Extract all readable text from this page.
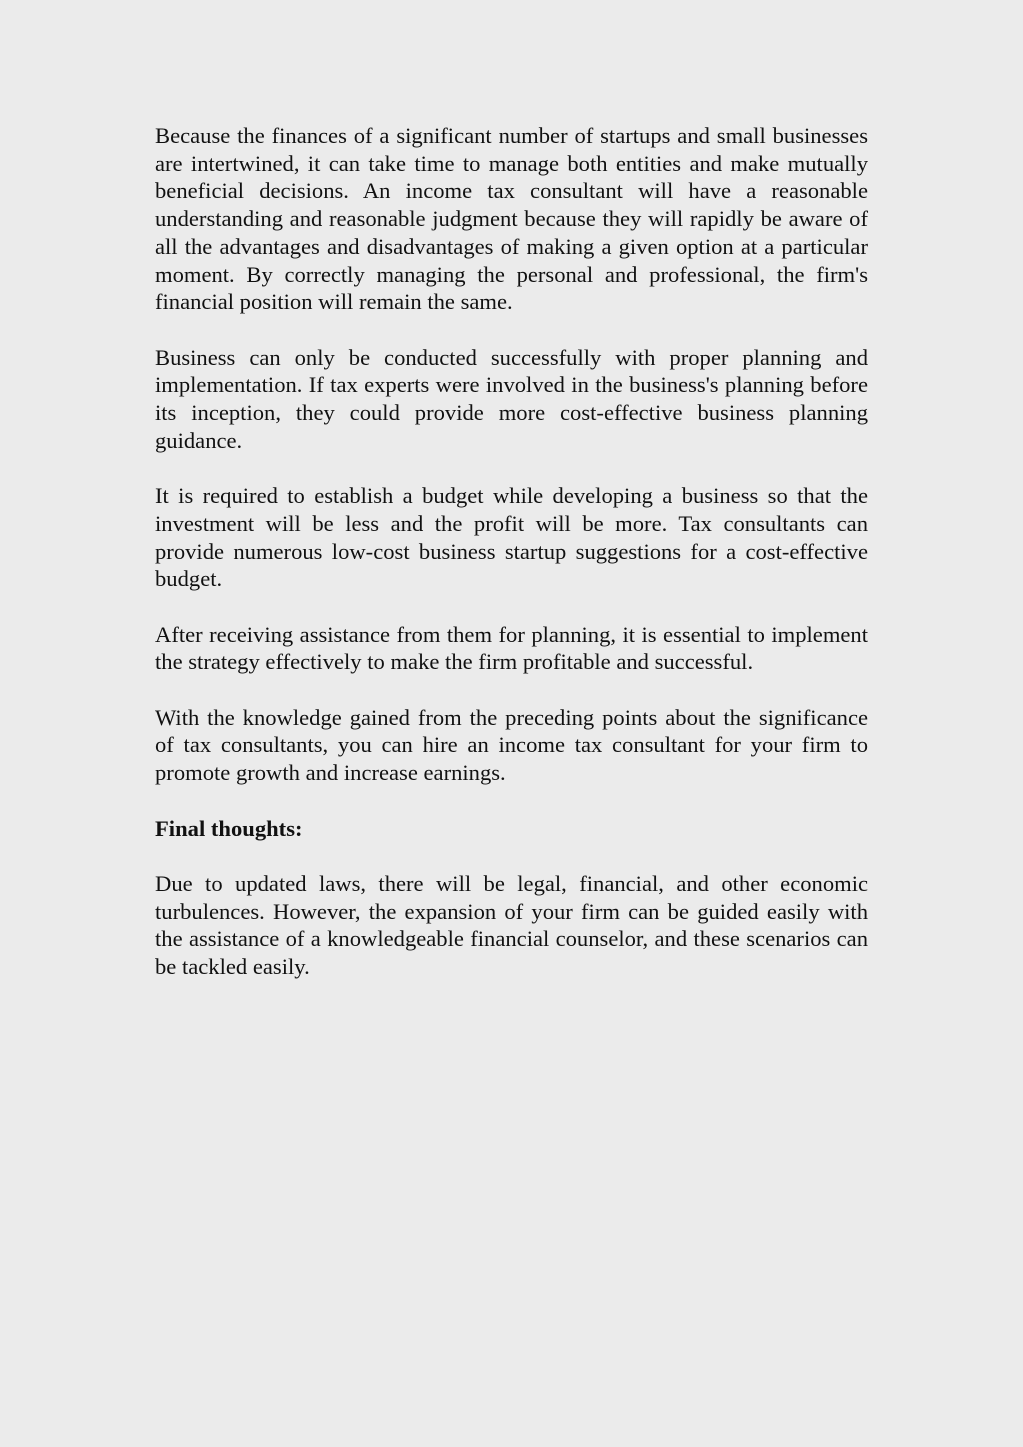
Because the finances of a significant number of startups and small businesses are intertwined, it can take time to manage both entities and make mutually beneficial decisions. An income tax consultant will have a reasonable understanding and reasonable judgment because they will rapidly be aware of all the advantages and disadvantages of making a given option at a particular moment. By correctly managing the personal and professional, the firm's financial position will remain the same.

Business can only be conducted successfully with proper planning and implementation. If tax experts were involved in the business's planning before its inception, they could provide more cost-effective business planning guidance.

It is required to establish a budget while developing a business so that the investment will be less and the profit will be more. Tax consultants can provide numerous low-cost business startup suggestions for a cost-effective budget.

After receiving assistance from them for planning, it is essential to implement the strategy effectively to make the firm profitable and successful.

With the knowledge gained from the preceding points about the significance of tax consultants, you can hire an income tax consultant for your firm to promote growth and increase earnings.

Final thoughts:

Due to updated laws, there will be legal, financial, and other economic turbulences. However, the expansion of your firm can be guided easily with the assistance of a knowledgeable financial counselor, and these scenarios can be tackled easily.
